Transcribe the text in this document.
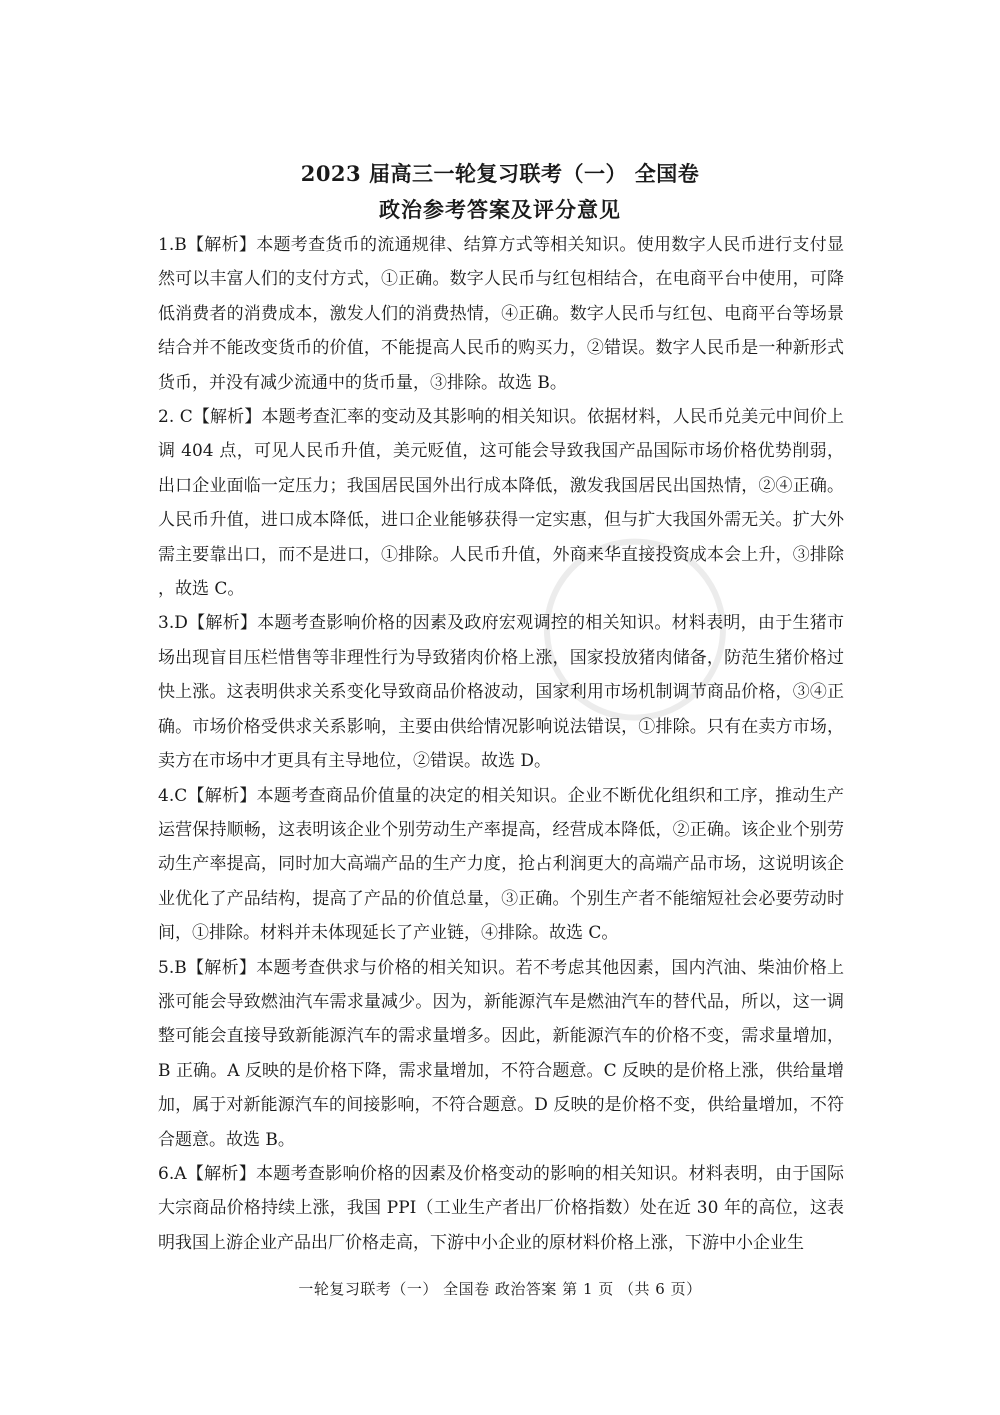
2023 届高三一轮复习联考（一） 全国卷
政治参考答案及评分意见

1.B【解析】本题考查货币的流通规律、结算方式等相关知识。使用数字人民币进行支付显然可以丰富人们的支付方式，①正确。数字人民币与红包相结合，在电商平台中使用，可降低消费者的消费成本，激发人们的消费热情，④正确。数字人民币与红包、电商平台等场景结合并不能改变货币的价值，不能提高人民币的购买力，②错误。数字人民币是一种新形式货币，并没有减少流通中的货币量，③排除。故选 B。

2. C【解析】本题考查汇率的变动及其影响的相关知识。依据材料，人民币兑美元中间价上调 404 点，可见人民币升值，美元贬值，这可能会导致我国产品国际市场价格优势削弱，出口企业面临一定压力；我国居民国外出行成本降低，激发我国居民出国热情，②④正确。人民币升值，进口成本降低，进口企业能够获得一定实惠，但与扩大我国外需无关。扩大外需主要靠出口，而不是进口，①排除。人民币升值，外商来华直接投资成本会上升，③排除 ，故选 C。

3.D【解析】本题考查影响价格的因素及政府宏观调控的相关知识。材料表明，由于生猪市场出现盲目压栏惜售等非理性行为导致猪肉价格上涨，国家投放猪肉储备，防范生猪价格过快上涨。这表明供求关系变化导致商品价格波动，国家利用市场机制调节商品价格，③④正确。市场价格受供求关系影响，主要由供给情况影响说法错误，①排除。只有在卖方市场，卖方在市场中才更具有主导地位，②错误。故选 D。

4.C【解析】本题考查商品价值量的决定的相关知识。企业不断优化组织和工序，推动生产运营保持顺畅，这表明该企业个别劳动生产率提高，经营成本降低，②正确。该企业个别劳动生产率提高，同时加大高端产品的生产力度，抢占利润更大的高端产品市场，这说明该企业优化了产品结构，提高了产品的价值总量，③正确。个别生产者不能缩短社会必要劳动时间，①排除。材料并未体现延长了产业链，④排除。故选 C。

5.B【解析】本题考查供求与价格的相关知识。若不考虑其他因素，国内汽油、柴油价格上涨可能会导致燃油汽车需求量减少。因为，新能源汽车是燃油汽车的替代品，所以，这一调整可能会直接导致新能源汽车的需求量增多。因此，新能源汽车的价格不变，需求量增加，B 正确。A 反映的是价格下降，需求量增加，不符合题意。C 反映的是价格上涨，供给量增加，属于对新能源汽车的间接影响，不符合题意。D 反映的是价格不变，供给量增加，不符合题意。故选 B。

6.A【解析】本题考查影响价格的因素及价格变动的影响的相关知识。材料表明，由于国际大宗商品价格持续上涨，我国 PPI（工业生产者出厂价格指数）处在近 30 年的高位，这表明我国上游企业产品出厂价格走高，下游中小企业的原材料价格上涨，下游中小企业生

一轮复习联考（一） 全国卷 政治答案 第 1 页 （共 6 页）
